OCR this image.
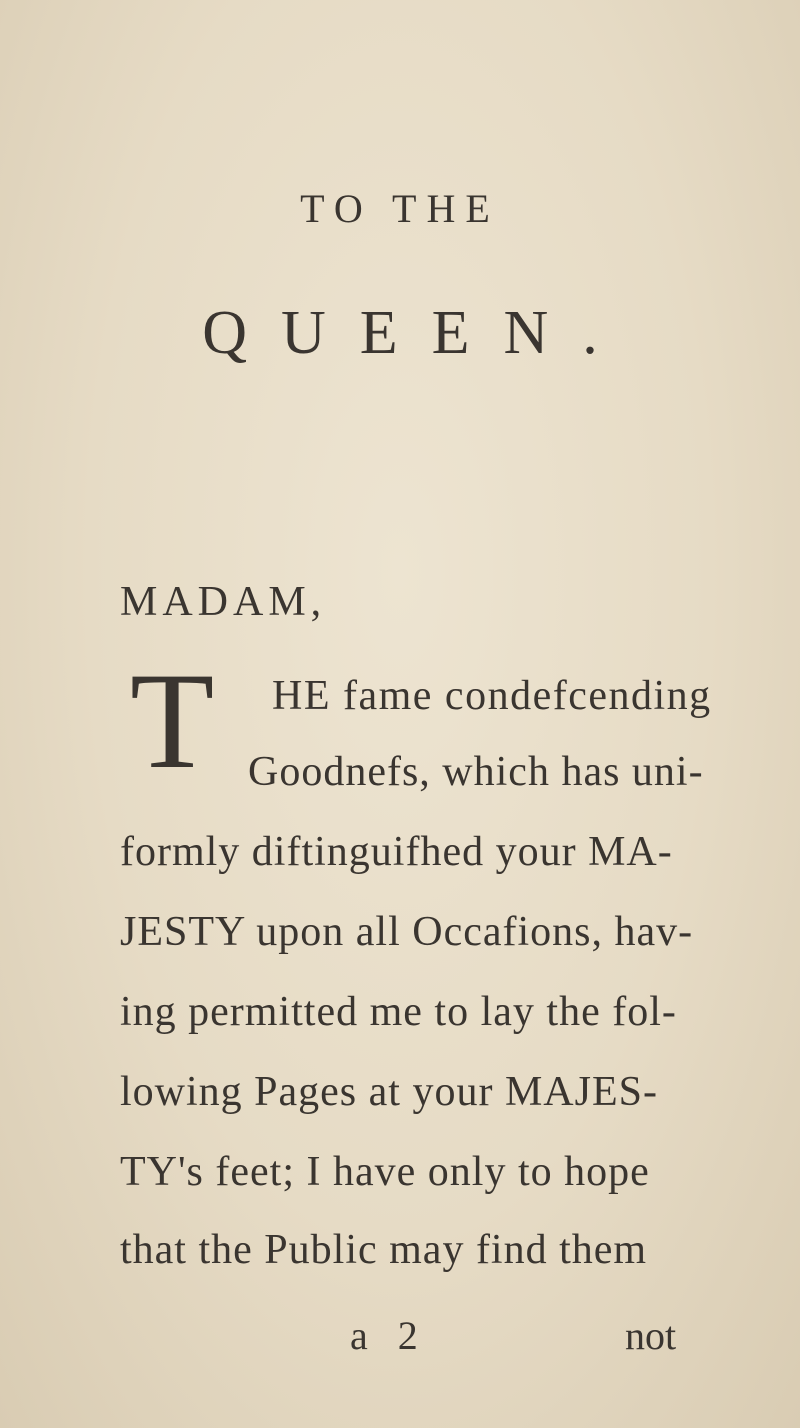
TO THE
QUEEN.
MADAM,
T HE fame condefcending
Goodnefs, which has uni-
formly diftinguifhed your MA-
JESTY upon all Occafions, hav-
ing permitted me to lay the fol-
lowing Pages at your MAJES-
TY's feet; I have only to hope
that the Public may find them
a 2	not
